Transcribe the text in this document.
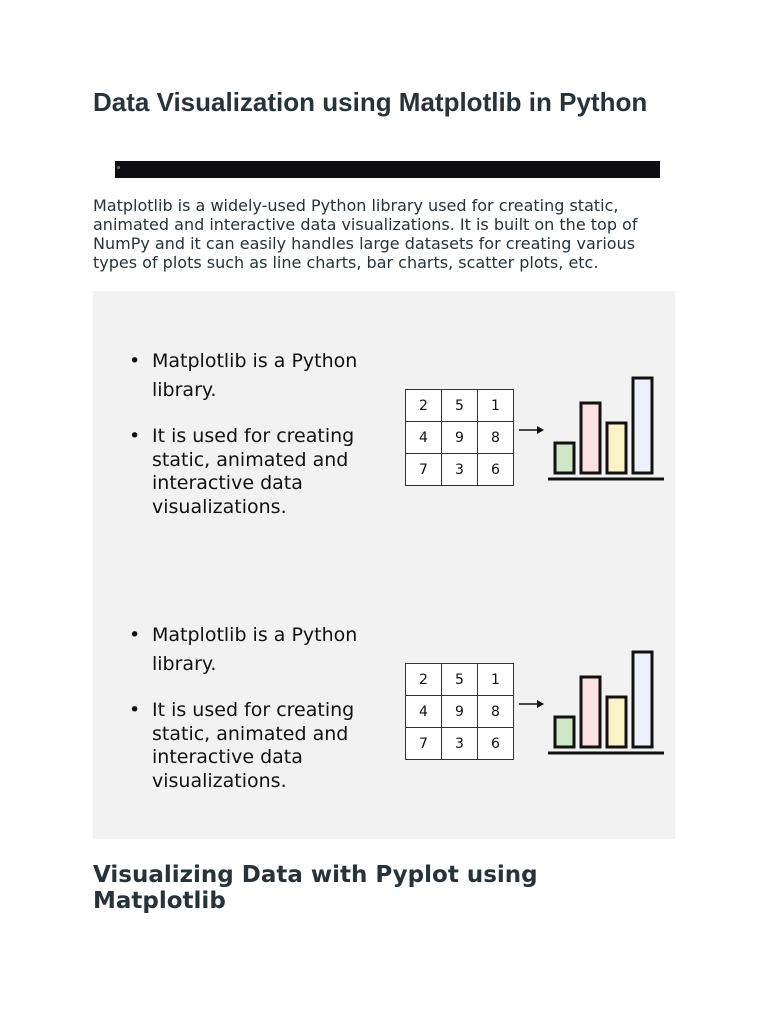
Data Visualization using Matplotlib in Python

Matplotlib is a widely-used Python library used for creating static, animated and interactive data visualizations. It is built on the top of NumPy and it can easily handles large datasets for creating various types of plots such as line charts, bar charts, scatter plots, etc.

• Matplotlib is a Python library.
• It is used for creating static, animated and interactive data visualizations.
2	5	1
4	9	8
7	3	6
• Matplotlib is a Python library.
• It is used for creating static, animated and interactive data visualizations.
2	5	1
4	9	8
7	3	6
Visualizing Data with Pyplot using Matplotlib
